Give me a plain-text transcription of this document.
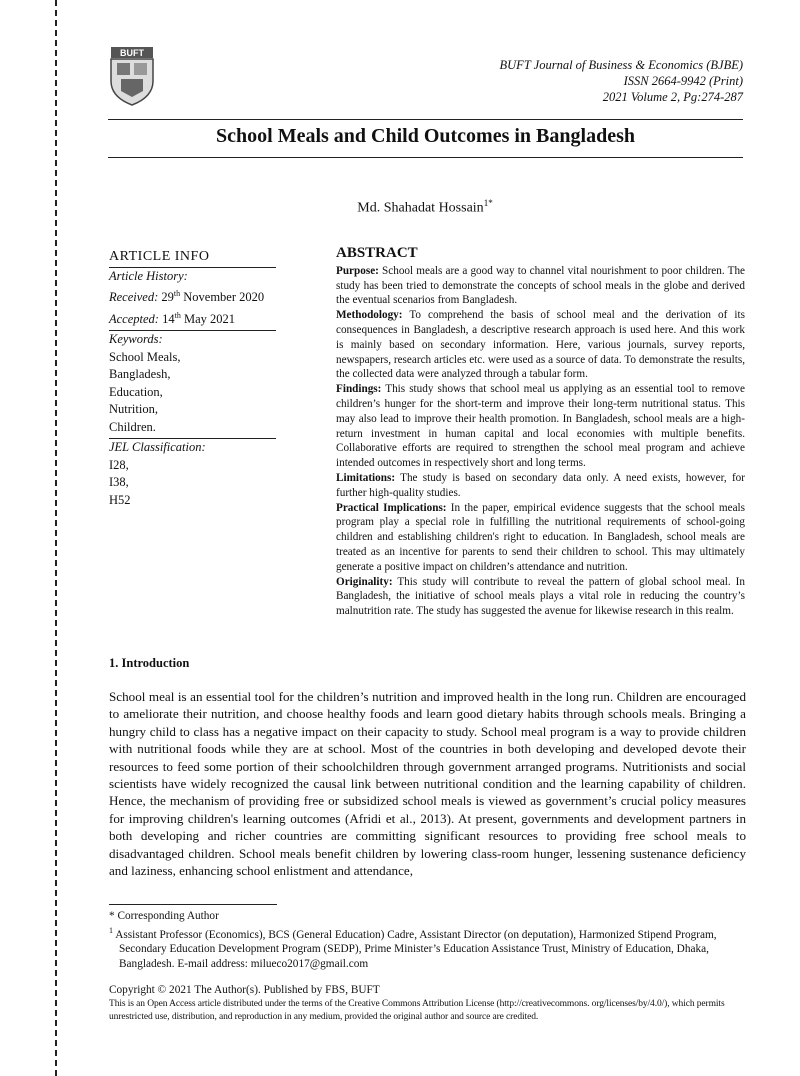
BUFT
BUFT Journal of Business & Economics (BJBE)
ISSN 2664-9942 (Print)
2021 Volume 2, Pg:274-287
School Meals and Child Outcomes in Bangladesh
Md. Shahadat Hossain$^{1*}$
ARTICLE INFO
Article History:
Received: 29th November 2020
Accepted: 14th May 2021
Keywords:
School Meals,
Bangladesh,
Education,
Nutrition,
Children.
JEL Classification:
I28,
I38,
H52
ABSTRACT

Purpose: School meals are a good way to channel vital nourishment to poor children. The study has been tried to demonstrate the concepts of school meals in the globe and derived the eventual scenarios from Bangladesh.

Methodology: To comprehend the basis of school meal and the derivation of its consequences in Bangladesh, a descriptive research approach is used here. And this work is mainly based on secondary information. Here, various journals, survey reports, newspapers, research articles etc. were used as a source of data. To demonstrate the results, the collected data were analyzed through a tabular form.

Findings: This study shows that school meal us applying as an essential tool to remove children’s hunger for the short-term and improve their long-term nutritional status. This may also lead to improve their health promotion. In Bangladesh, school meals are a high-return investment in human capital and local economies with multiple benefits. Collaborative efforts are required to strengthen the school meal program and achieve intended outcomes in respectively short and long terms.

Limitations: The study is based on secondary data only. A need exists, however, for further high-quality studies.

Practical Implications: In the paper, empirical evidence suggests that the school meals program play a special role in fulfilling the nutritional requirements of school-going children and establishing children's right to education. In Bangladesh, school meals are treated as an incentive for parents to send their children to school. This may ultimately generate a positive impact on children’s attendance and nutrition.

Originality: This study will contribute to reveal the pattern of global school meal. In Bangladesh, the initiative of school meals plays a vital role in reducing the country’s malnutrition rate. The study has suggested the avenue for likewise research in this realm.

1. Introduction

School meal is an essential tool for the children’s nutrition and improved health in the long run. Children are encouraged to ameliorate their nutrition, and choose healthy foods and learn good dietary habits through schools meals. Bringing a hungry child to class has a negative impact on their capacity to study. School meal program is a way to provide children with nutritional foods while they are at school. Most of the countries in both developing and developed devote their resources to feed some portion of their schoolchildren through government arranged programs. Nutritionists and social scientists have widely recognized the causal link between nutritional condition and the learning capability of children. Hence, the mechanism of providing free or subsidized school meals is viewed as government’s crucial policy measures for improving children's learning outcomes (Afridi et al., 2013). At present, governments and development partners in both developing and richer countries are committing significant resources to providing free school meals to disadvantaged children. School meals benefit children by lowering class-room hunger, lessening sustenance deficiency and laziness, enhancing school enlistment and attendance,

* Corresponding Author
$^1$ Assistant Professor (Economics), BCS (General Education) Cadre, Assistant Director (on deputation), Harmonized Stipend Program, Secondary Education Development Program (SEDP), Prime Minister’s Education Assistance Trust, Ministry of Education, Dhaka, Bangladesh. E-mail address: milueco2017@gmail.com
Copyright © 2021 The Author(s). Published by FBS, BUFT
This is an Open Access article distributed under the terms of the Creative Commons Attribution License (http://creativecommons. org/licenses/by/4.0/), which permits unrestricted use, distribution, and reproduction in any medium, provided the original author and source are credited.
